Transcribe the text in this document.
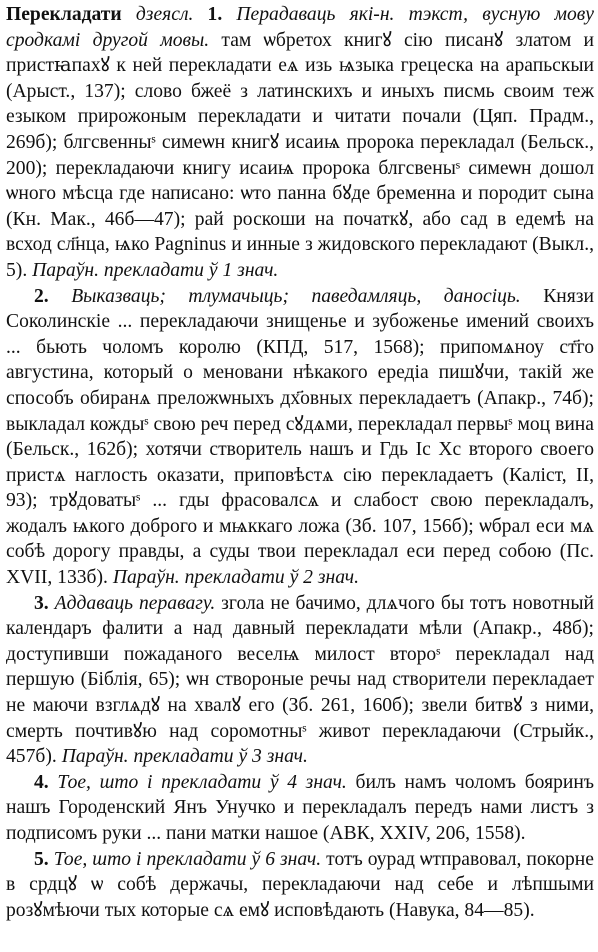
Перекладати дзеясл. 1. Перадаваць які-н. тэкст, вусную мову сродкамі другой мовы. там ѡбретох книгꙋ сію писанꙋ златом и пристꙗпахꙋ к ней перекладати еѧ изь ѩзыка грецеска на арапьскыи (Арыст., 137); слово бжеё з латинскихъ и иныхъ писмь своим теж езыком прирожоным перекладати и читати почали (Цяп. Прадм., 269б); блгсвенныˢ симеѡн книгꙋ исаиѩ пророка перекладал (Бельск., 200); перекладаючи книгу исаиѩ пророка блгсвеныˢ симеѡн дошол ѡного мѣсца где написано: ѡто панна бꙋде бременна и породит сына (Кн. Мак., 46б—47); рай роскоши на початкꙋ, або сад в едемѣ на всход сл҃нца, ѩко Pagninus и инные з жидовского перекладают (Выкл., 5). Параўн. прекладати ў 1 знач.

2. Выказваць; тлумачыць; паведамляць, даносіць. Князи Соколинскіе ... перекладаючи знищенье и зубоженье имений своихъ ... бьють чоломъ королю (КПД, 517, 1568); припомѧноу ст҃го августина, который о меновани нѣкакого ередіа пишꙋчи, такій же способъ обиранѧ преложѡныхъ дх҃овных перекладаетъ (Апакр., 74б); выкладал кождыˢ свою реч перед сꙋдѧми, перекладал первыˢ моц вина (Бельск., 162б); хотячи створитель нашъ и Гдь Іс Хс второго своего пристѧ наглость оказати, приповѣстѧ сію перекладаетъ (Каліст, II, 93); трꙋдоватыˢ ... гды фрасовалсѧ и слабост свою перекладалъ, жодалъ ѩкого доброго и мѩккаго ложа (Зб. 107, 156б); ѡбрал еси мѧ собѣ дорогу правды, а суды твои перекладал еси перед собою (Пс. XVII, 133б). Параўн. прекладати ў 2 знач.

3. Аддаваць перавагу. згола не бачимо, длѧчого бы тотъ новотный календаръ фалити а над давный перекладати мѣли (Апакр., 48б); доступивши пожаданого веселѩ милост второˢ перекладал над першую (Біблія, 65); ѡн створоные речы над створители перекладает не маючи взглѧдꙋ на хвалꙋ его (Зб. 261, 160б); звели битвꙋ з ними, смерть почтивꙋю над соромотныˢ живот перекладаючи (Стрыйк., 457б). Параўн. прекладати ў 3 знач.

4. Тое, што і прекладати ў 4 знач. билъ намъ чоломъ бояринъ нашъ Городенский Янъ Унучко и перекладалъ передъ нами листъ з подписомъ руки ... пани матки нашое (АВК, XXIV, 206, 1558).

5. Тое, што і прекладати ў 6 знач. тотъ оурад ѡтправовал, покорне в срдцꙋ ѡ собѣ держачы, перекладаючи над себе и лѣпшыми розꙋмѣючи тых которые сѧ емꙋ исповѣдають (Навука, 84—85).
